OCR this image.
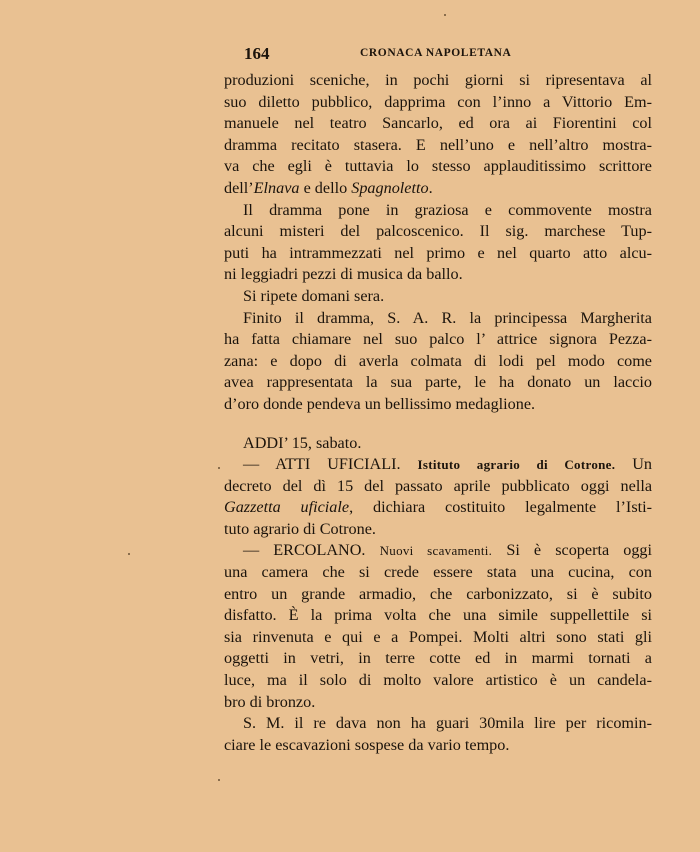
164	CRONACA NAPOLETANA
produzioni sceniche, in pochi giorni si ripresentava al
suo diletto pubblico, dapprima con l’inno a Vittorio Em-
manuele nel teatro Sancarlo, ed ora ai Fiorentini col
dramma recitato stasera. E nell’uno e nell’altro mostra-
va che egli è tuttavia lo stesso applauditissimo scrittore
dell’Elnava e dello Spagnoletto.
Il dramma pone in graziosa e commovente mostra
alcuni misteri del palcoscenico. Il sig. marchese Tup-
puti ha intrammezzati nel primo e nel quarto atto alcu-
ni leggiadri pezzi di musica da ballo.
Si ripete domani sera.
Finito il dramma, S. A. R. la principessa Margherita
ha fatta chiamare nel suo palco l’ attrice signora Pezza-
zana: e dopo di averla colmata di lodi pel modo come
avea rappresentata la sua parte, le ha donato un laccio
d’oro donde pendeva un bellissimo medaglione.
ADDI’ 15, sabato.
— ATTI UFICIALI. Istituto agrario di Cotrone. Un
decreto del dì 15 del passato aprile pubblicato oggi nella
Gazzetta uficiale, dichiara costituito legalmente l’Isti-
tuto agrario di Cotrone.
— ERCOLANO. Nuovi scavamenti. Si è scoperta oggi
una camera che si crede essere stata una cucina, con
entro un grande armadio, che carbonizzato, si è subito
disfatto. È la prima volta che una simile suppellettile si
sia rinvenuta e qui e a Pompei. Molti altri sono stati gli
oggetti in vetri, in terre cotte ed in marmi tornati a
luce, ma il solo di molto valore artistico è un candela-
bro di bronzo.
S. M. il re dava non ha guari 30mila lire per ricomin-
ciare le escavazioni sospese da vario tempo.
